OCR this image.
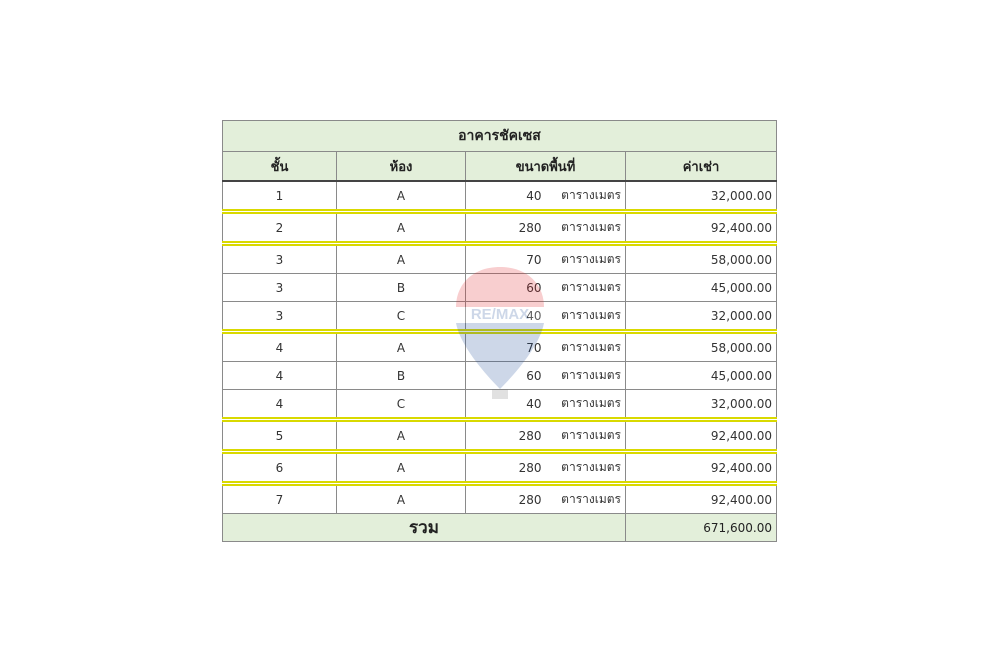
อาคารชัคเซส				
ชั้น	ห้อง	ขนาดพื้นที่		ค่าเช่า
1	A	40	ตารางเมตร	32,000.00
2	A	280	ตารางเมตร	92,400.00
3	A	70	ตารางเมตร	58,000.00
3	B	60	ตารางเมตร	45,000.00
3	C	40	ตารางเมตร	32,000.00
4	A	70	ตารางเมตร	58,000.00
4	B	60	ตารางเมตร	45,000.00
4	C	40	ตารางเมตร	32,000.00
5	A	280	ตารางเมตร	92,400.00
6	A	280	ตารางเมตร	92,400.00
7	A	280	ตารางเมตร	92,400.00
รวม				671,600.00
RE/MAX
